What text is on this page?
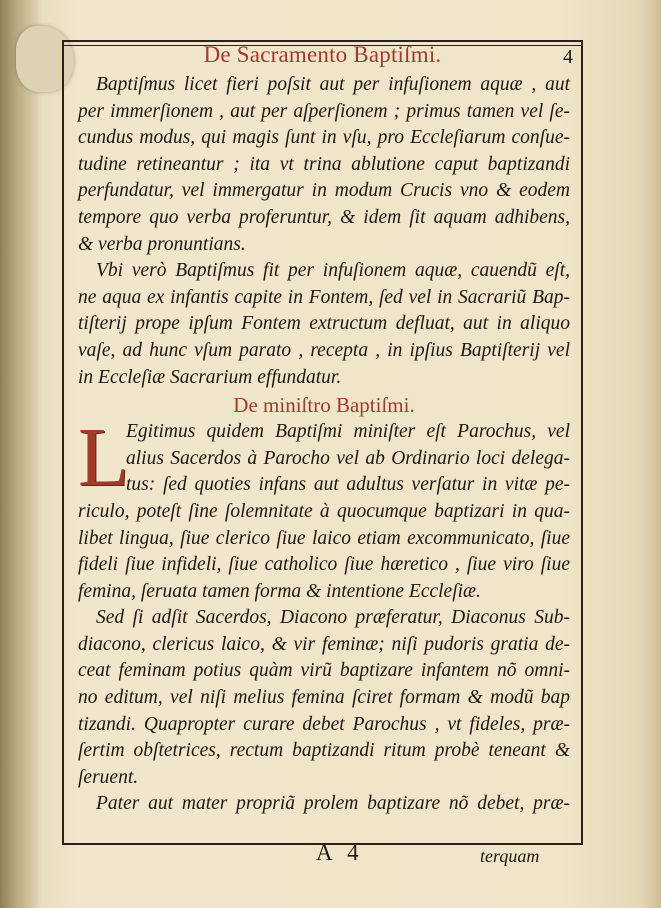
De Sacramento Baptiſmi.	4
Baptiſmus licet fieri poſsit aut per infuſionem aquæ , aut
per immerſionem , aut per aſperſionem ; primus tamen vel ſe-
cundus modus, qui magis ſunt in vſu, pro Eccleſiarum conſue-
tudine retineantur ; ita vt trina ablutione caput baptizandi
perfundatur, vel immergatur in modum Crucis vno & eodem
tempore quo verba proferuntur, & idem ſit aquam adhibens,
& verba pronuntians.
Vbi verò Baptiſmus fit per infuſionem aquæ, cauendũ eſt,
ne aqua ex infantis capite in Fontem, ſed vel in Sacrariũ Bap-
tiſterij prope ipſum Fontem extructum defluat, aut in aliquo
vaſe, ad hunc vſum parato , recepta , in ipſius Baptiſterij vel
in Eccleſiæ Sacrarium effundatur.
De miniſtro Baptiſmi.
L
Egitimus quidem Baptiſmi miniſter eſt Parochus, vel
alius Sacerdos à Parocho vel ab Ordinario loci delega-
tus: ſed quoties infans aut adultus verſatur in vitæ pe-
riculo, poteſt ſine ſolemnitate à quocumque baptizari in qua-
libet lingua, ſiue clerico ſiue laico etiam excommunicato, ſiue
fideli ſiue infideli, ſiue catholico ſiue hæretico , ſiue viro ſiue
femina, ſeruata tamen forma & intentione Eccleſiæ.
Sed ſi adſit Sacerdos, Diacono præferatur, Diaconus Sub-
diacono, clericus laico, & vir feminæ; niſi pudoris gratia de-
ceat feminam potius quàm virũ baptizare infantem nõ omni-
no editum, vel niſi melius femina ſciret formam & modũ bap
tizandi. Quapropter curare debet Parochus , vt fideles, præ-
ſertim obſtetrices, rectum baptizandi ritum probè teneant &
ſeruent.
Pater aut mater propriã prolem baptizare nõ debet, præ-
A 4	terquam
